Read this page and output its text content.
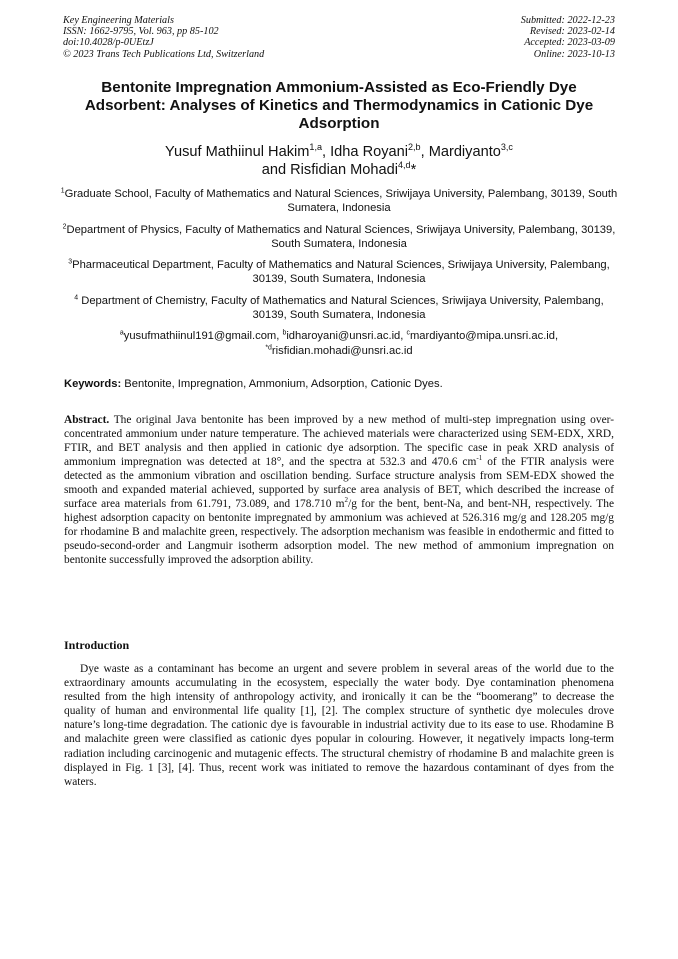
Key Engineering Materials
ISSN: 1662-9795, Vol. 963, pp 85-102
doi:10.4028/p-0UEtzJ
© 2023 Trans Tech Publications Ltd, Switzerland
Submitted: 2022-12-23
Revised: 2023-02-14
Accepted: 2023-03-09
Online: 2023-10-13
Bentonite Impregnation Ammonium-Assisted as Eco-Friendly Dye Adsorbent: Analyses of Kinetics and Thermodynamics in Cationic Dye Adsorption
Yusuf Mathiinul Hakim$^{1,a}$, Idha Royani$^{2,b}$, Mardiyanto$^{3,c}$
and Risfidian Mohadi$^{4,d}$*
$^1$Graduate School, Faculty of Mathematics and Natural Sciences, Sriwijaya University, Palembang, 30139, South Sumatera, Indonesia
$^2$Department of Physics, Faculty of Mathematics and Natural Sciences, Sriwijaya University, Palembang, 30139, South Sumatera, Indonesia
$^3$Pharmaceutical Department, Faculty of Mathematics and Natural Sciences, Sriwijaya University, Palembang, 30139, South Sumatera, Indonesia
$^4$ Department of Chemistry, Faculty of Mathematics and Natural Sciences, Sriwijaya University, Palembang, 30139, South Sumatera, Indonesia
$^a$yusufmathiinul191@gmail.com, $^b$idharoyani@unsri.ac.id, $^c$mardiyanto@mipa.unsri.ac.id,
$^{*d}$risfidian.mohadi@unsri.ac.id
Keywords: Bentonite, Impregnation, Ammonium, Adsorption, Cationic Dyes.
Abstract. The original Java bentonite has been improved by a new method of multi-step impregnation using over-concentrated ammonium under nature temperature. The achieved materials were characterized using SEM-EDX, XRD, FTIR, and BET analysis and then applied in cationic dye adsorption. The specific case in peak XRD analysis of ammonium impregnation was detected at 18°, and the spectra at 532.3 and 470.6 $cm^{-1}$ of the FTIR analysis were detected as the ammonium vibration and oscillation bending. Surface structure analysis from SEM-EDX showed the smooth and expanded material achieved, supported by surface area analysis of BET, which described the increase of surface area materials from 61.791, 73.089, and 178.710 $m^2/g$ for the bent, bent-Na, and bent-NH, respectively. The highest adsorption capacity on bentonite impregnated by ammonium was achieved at 526.316 mg/g and 128.205 mg/g for rhodamine B and malachite green, respectively. The adsorption mechanism was feasible in endothermic and fitted to pseudo-second-order and Langmuir isotherm adsorption model. The new method of ammonium impregnation on bentonite successfully improved the adsorption ability.
Introduction
Dye waste as a contaminant has become an urgent and severe problem in several areas of the world due to the extraordinary amounts accumulating in the ecosystem, especially the water body. Dye contamination phenomena resulted from the high intensity of anthropology activity, and ironically it can be the “boomerang” to decrease the quality of human and environmental life quality [1], [2]. The complex structure of synthetic dye molecules drove nature’s long-time degradation. The cationic dye is favourable in industrial activity due to its ease to use. Rhodamine B and malachite green were classified as cationic dyes popular in colouring. However, it negatively impacts long-term radiation including carcinogenic and mutagenic effects. The structural chemistry of rhodamine B and malachite green is displayed in Fig. 1 [3], [4]. Thus, recent work was initiated to remove the hazardous contaminant of dyes from the waters.
